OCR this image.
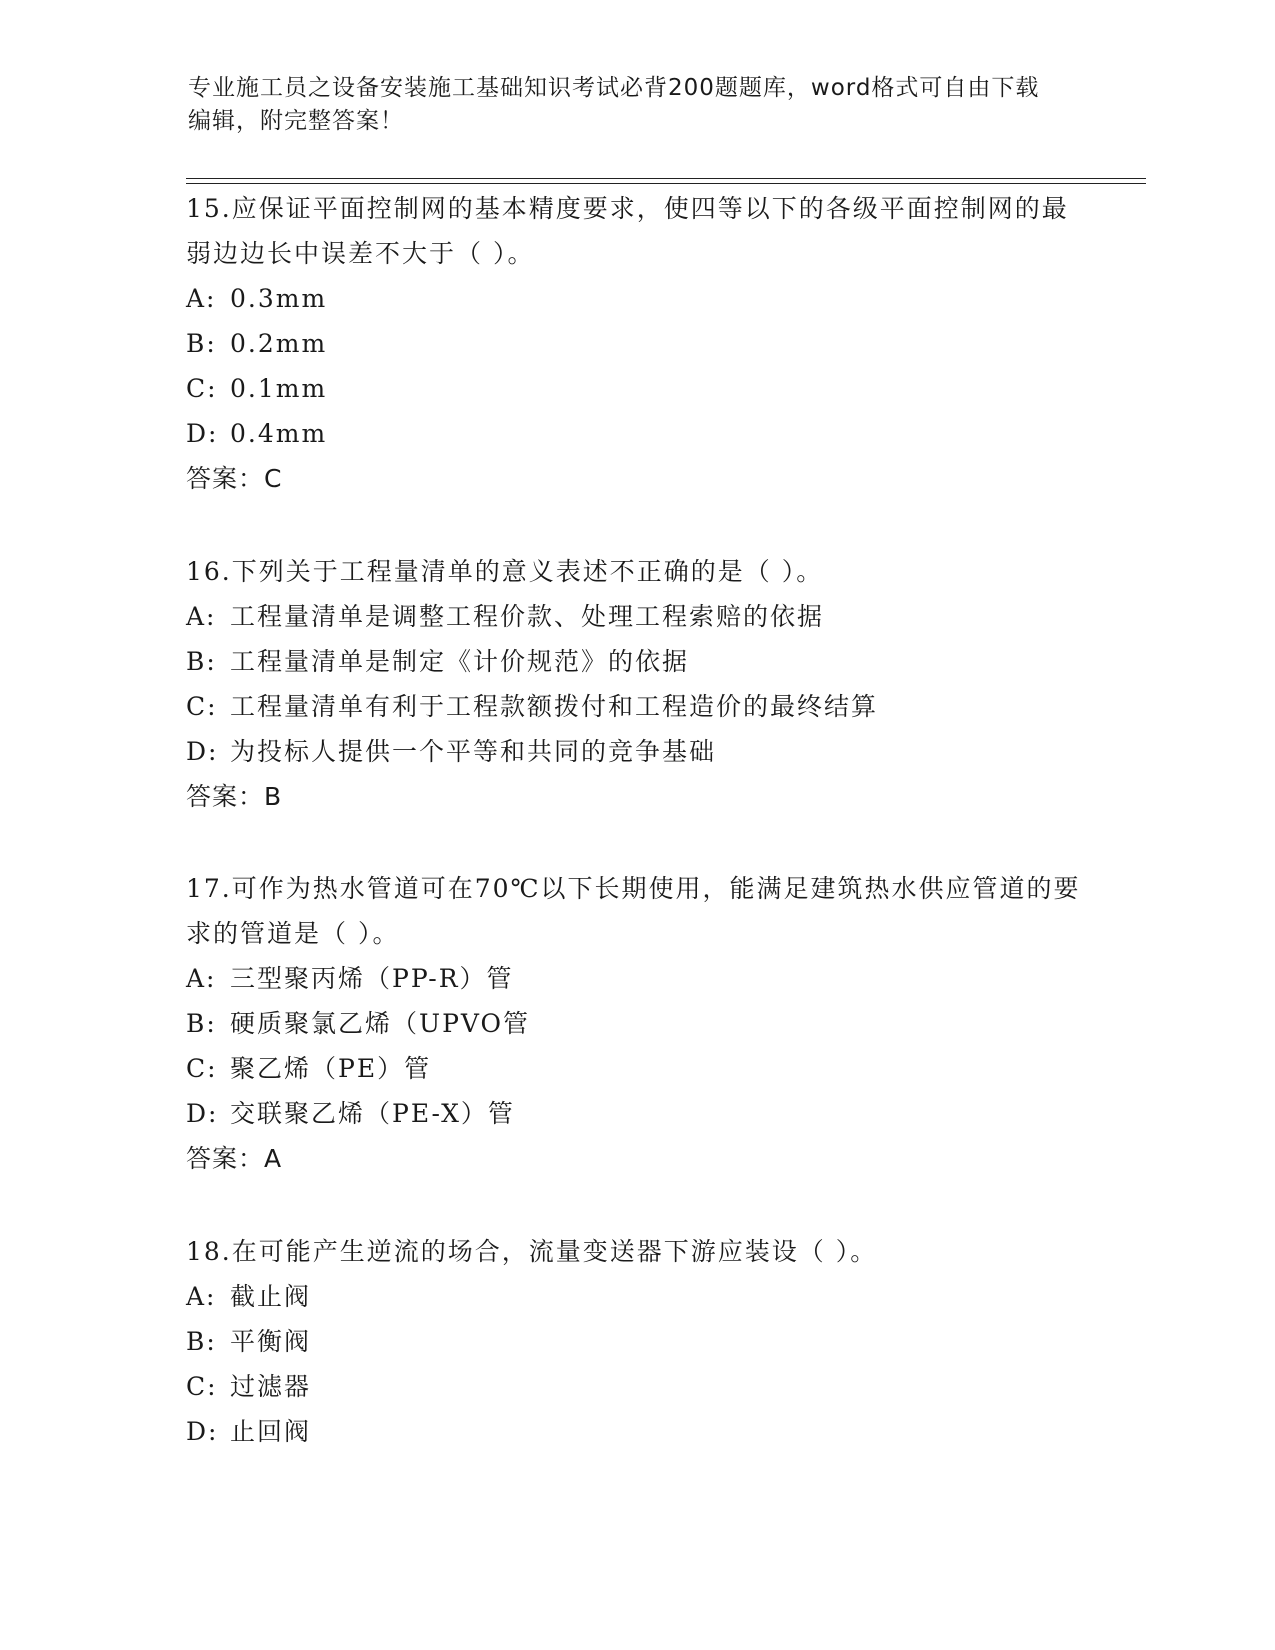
专业施工员之设备安装施工基础知识考试必背200题题库，word格式可自由下载
编辑，附完整答案！
15.应保证平面控制网的基本精度要求，使四等以下的各级平面控制网的最弱边边长中误差不大于（ ）。
A: 0.3mm
B: 0.2mm
C: 0.1mm
D: 0.4mm
答案：C
16.下列关于工程量清单的意义表述不正确的是（ ）。
A: 工程量清单是调整工程价款、处理工程索赔的依据
B: 工程量清单是制定《计价规范》的依据
C: 工程量清单有利于工程款额拨付和工程造价的最终结算
D: 为投标人提供一个平等和共同的竞争基础
答案：B
17.可作为热水管道可在70℃以下长期使用，能满足建筑热水供应管道的要求的管道是（ ）。
A: 三型聚丙烯（PP-R）管
B: 硬质聚氯乙烯（UPVO管
C: 聚乙烯（PE）管
D: 交联聚乙烯（PE-X）管
答案：A
18.在可能产生逆流的场合，流量变送器下游应装设（ ）。
A: 截止阀
B: 平衡阀
C: 过滤器
D: 止回阀
